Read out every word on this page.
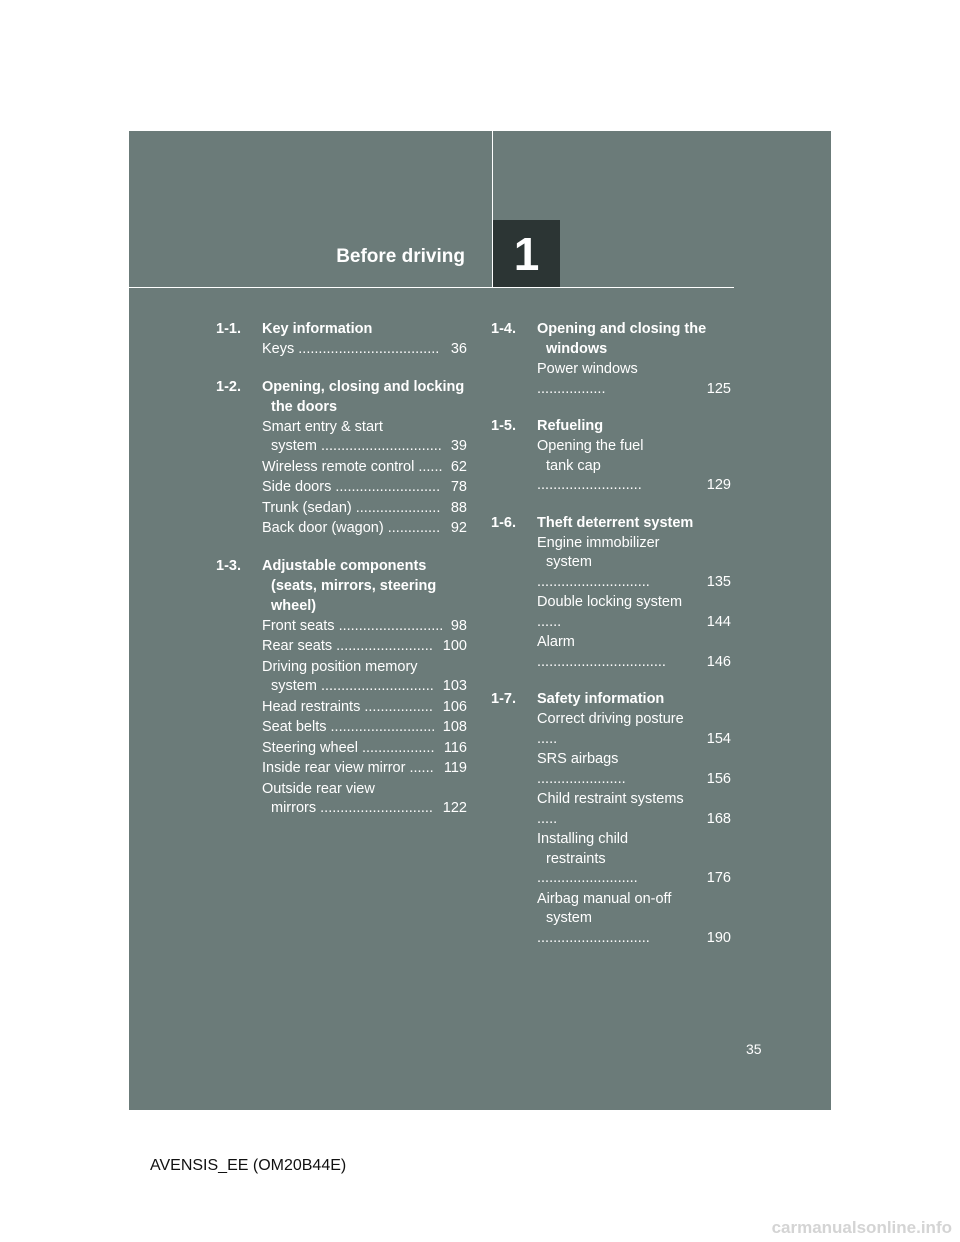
Before driving	1
1-1.	Key information
Keys ................................... 36
1-2.	Opening, closing and locking the doors
Smart entry & start
system .............................. 39
Wireless remote control ...... 62
Side doors .......................... 78
Trunk (sedan) ..................... 88
Back door (wagon) ............. 92
1-3.	Adjustable components (seats, mirrors, steering wheel)
Front seats .......................... 98
Rear seats ........................ 100
Driving position memory
system ............................ 103
Head restraints ................. 106
Seat belts .......................... 108
Steering wheel .................. 116
Inside rear view mirror ...... 119
Outside rear view
mirrors ............................ 122
1-4.	Opening and closing the windows
Power windows .................	125
1-5.	Refueling
Opening the fuel
tank cap ..........................	129
1-6.	Theft deterrent system
Engine immobilizer
system ............................	135
Double locking system ......	144
Alarm ................................	146
1-7.	Safety information
Correct driving posture .....	154
SRS airbags ......................	156
Child restraint systems .....	168
Installing child
restraints .........................	176
Airbag manual on-off
system ............................	190
35
AVENSIS_EE (OM20B44E)
carmanualsonline.info
